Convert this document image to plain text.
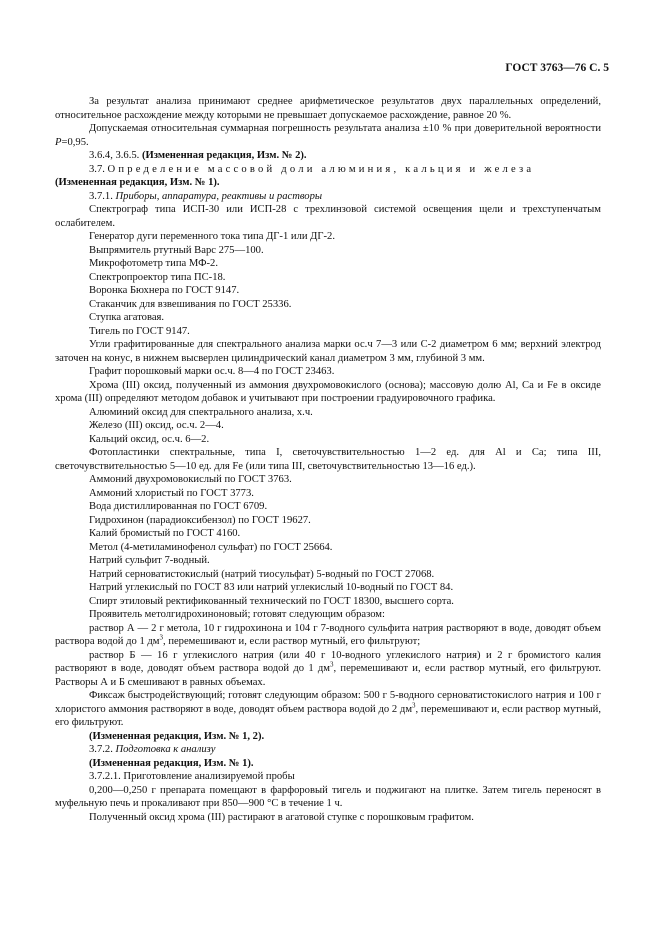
ГОСТ 3763—76 С. 5

За результат анализа принимают среднее арифметическое результатов двух параллельных определений, относительное расхождение между которыми не превышает допускаемое расхождение, равное 20 %.

Допускаемая относительная суммарная погрешность результата анализа ±10 % при доверительной вероятности P=0,95.

3.6.4, 3.6.5. (Измененная редакция, Изм. № 2).

3.7. Определение массовой доли алюминия, кальция и железа

(Измененная редакция, Изм. № 1).

3.7.1. Приборы, аппаратура, реактивы и растворы

Спектрограф типа ИСП-30 или ИСП-28 с трехлинзовой системой освещения щели и трехступенчатым ослабителем.

Генератор дуги переменного тока типа ДГ-1 или ДГ-2.

Выпрямитель ртутный Варс 275—100.

Микрофотометр типа МФ-2.

Спектропроектор типа ПС-18.

Воронка Бюхнера по ГОСТ 9147.

Стаканчик для взвешивания по ГОСТ 25336.

Ступка агатовая.

Тигель по ГОСТ 9147.

Угли графитированные для спектрального анализа марки ос.ч 7—3 или С-2 диаметром 6 мм; верхний электрод заточен на конус, в нижнем высверлен цилиндрический канал диаметром 3 мм, глубиной 3 мм.

Графит порошковый марки ос.ч. 8—4 по ГОСТ 23463.

Хрома (III) оксид, полученный из аммония двухромовокислого (основа); массовую долю Al, Ca и Fe в оксиде хрома (III) определяют методом добавок и учитывают при построении градуировочного графика.

Алюминий оксид для спектрального анализа, х.ч.

Железо (III) оксид, ос.ч. 2—4.

Кальций оксид, ос.ч. 6—2.

Фотопластинки спектральные, типа I, светочувствительностью 1—2 ед. для Al и Ca; типа III, светочувствительностью 5—10 ед. для Fe (или типа III, светочувствительностью 13—16 ед.).

Аммоний двухромовокислый по ГОСТ 3763.

Аммоний хлористый по ГОСТ 3773.

Вода дистиллированная по ГОСТ 6709.

Гидрохинон (парадиоксибензол) по ГОСТ 19627.

Калий бромистый по ГОСТ 4160.

Метол (4-метиламинофенол сульфат) по ГОСТ 25664.

Натрий сульфит 7-водный.

Натрий серноватистокислый (натрий тиосульфат) 5-водный по ГОСТ 27068.

Натрий углекислый по ГОСТ 83 или натрий углекислый 10-водный по ГОСТ 84.

Спирт этиловый ректификованный технический по ГОСТ 18300, высшего сорта.

Проявитель метолгидрохиноновый; готовят следующим образом:

раствор А — 2 г метола, 10 г гидрохинона и 104 г 7-водного сульфита натрия растворяют в воде, доводят объем раствора водой до 1 $дм^3$, перемешивают и, если раствор мутный, его фильтруют;

раствор Б — 16 г углекислого натрия (или 40 г 10-водного углекислого натрия) и 2 г бромистого калия растворяют в воде, доводят объем раствора водой до 1 $дм^3$, перемешивают и, если раствор мутный, его фильтруют. Растворы А и Б смешивают в равных объемах.

Фиксаж быстродействующий; готовят следующим образом: 500 г 5-водного серноватистокислого натрия и 100 г хлористого аммония растворяют в воде, доводят объем раствора водой до 2 $дм^3$, перемешивают и, если раствор мутный, его фильтруют.

(Измененная редакция, Изм. № 1, 2).

3.7.2. Подготовка к анализу

(Измененная редакция, Изм. № 1).

3.7.2.1. Приготовление анализируемой пробы

0,200—0,250 г препарата помещают в фарфоровый тигель и поджигают на плитке. Затем тигель переносят в муфельную печь и прокаливают при 850—900 °С в течение 1 ч.

Полученный оксид хрома (III) растирают в агатовой ступке с порошковым графитом.
